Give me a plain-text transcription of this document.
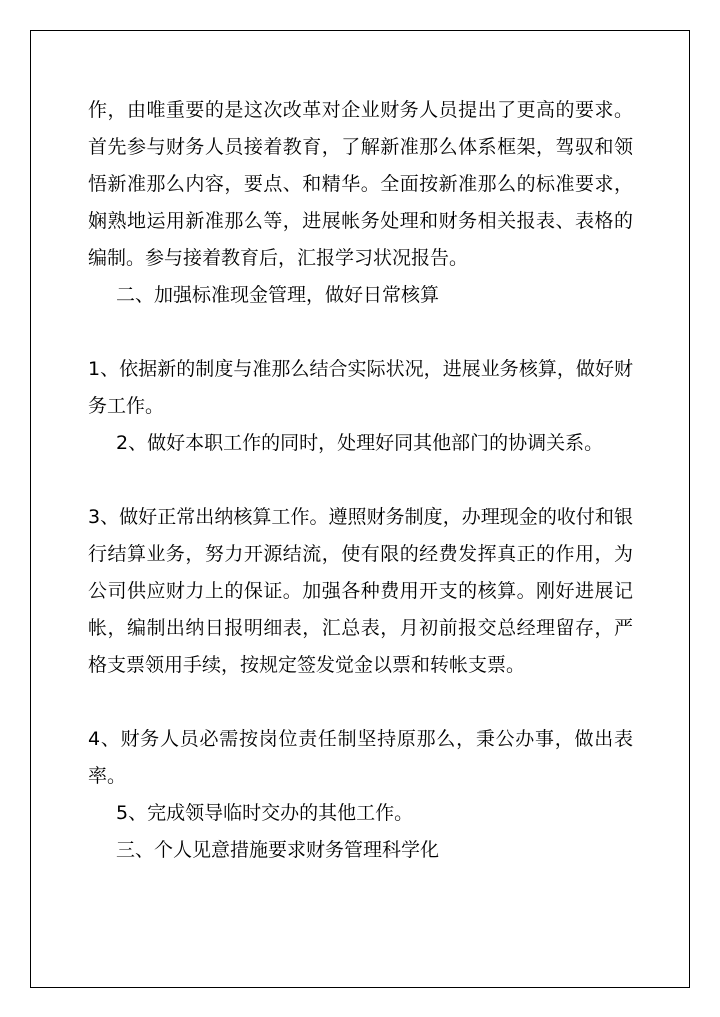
作，由唯重要的是这次改革对企业财务人员提出了更高的要求。首先参与财务人员接着教育，了解新准那么体系框架，驾驭和领悟新准那么内容，要点、和精华。全面按新准那么的标准要求，娴熟地运用新准那么等，进展帐务处理和财务相关报表、表格的编制。参与接着教育后，汇报学习状况报告。

二、加强标准现金管理，做好日常核算

1、依据新的制度与准那么结合实际状况，进展业务核算，做好财务工作。

2、做好本职工作的同时，处理好同其他部门的协调关系。

3、做好正常出纳核算工作。遵照财务制度，办理现金的收付和银行结算业务，努力开源结流，使有限的经费发挥真正的作用，为公司供应财力上的保证。加强各种费用开支的核算。刚好进展记帐，编制出纳日报明细表，汇总表，月初前报交总经理留存，严格支票领用手续，按规定签发觉金以票和转帐支票。

4、财务人员必需按岗位责任制坚持原那么，秉公办事，做出表率。

5、完成领导临时交办的其他工作。

三、个人见意措施要求财务管理科学化
